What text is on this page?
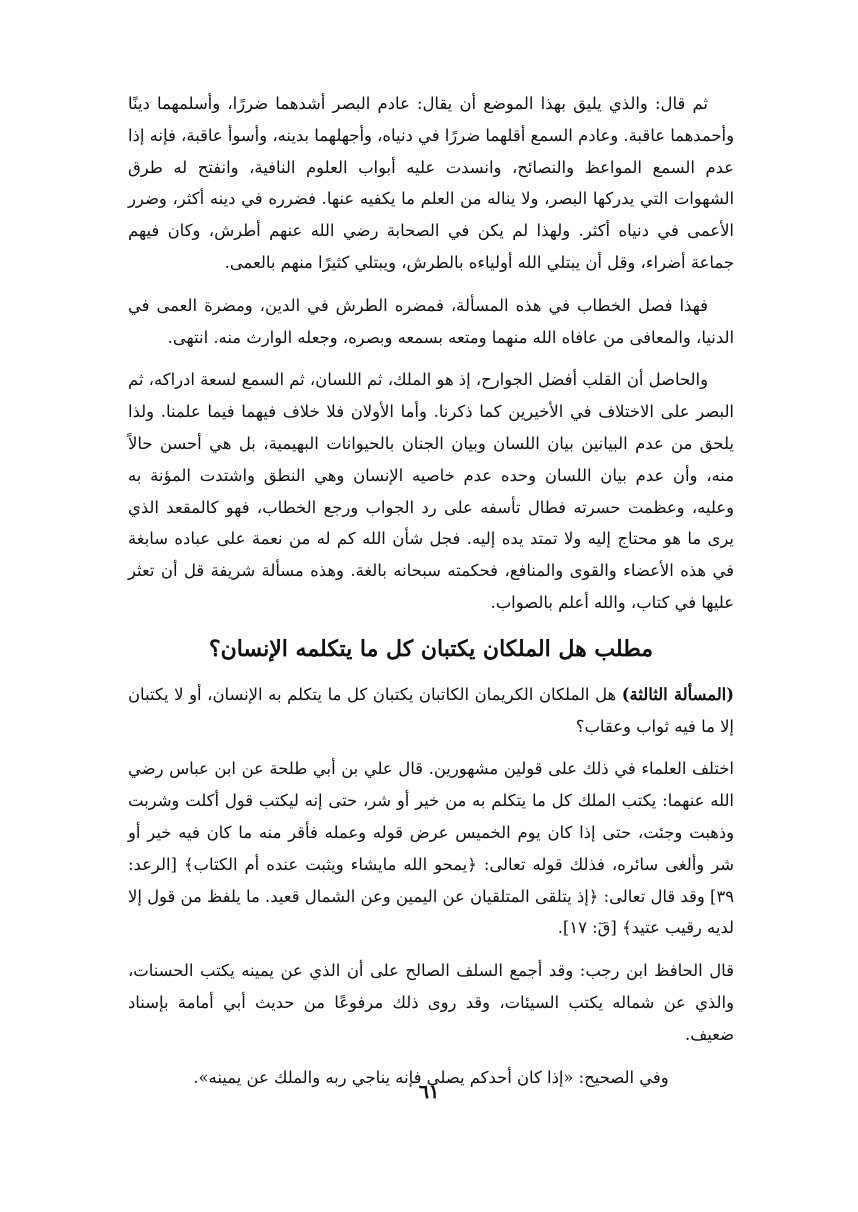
ثم قال: والذي يليق بهذا الموضع أن يقال: عادم البصر أشدهما ضررًا، وأسلمهما دينًا وأحمدهما عاقبة. وعادم السمع أقلهما ضررًا في دنياه، وأجهلهما بدينه، وأسوأ عاقبة، فإنه إذا عدم السمع المواعظ والنصائح، وانسدت عليه أبواب العلوم النافية، وانفتح له طرق الشهوات التي يدركها البصر، ولا يناله من العلم ما يكفيه عنها. فضرره في دينه أكثر، وضرر الأعمى في دنياه أكثر. ولهذا لم يكن في الصحابة رضي الله عنهم أطرش، وكان فيهم جماعة أضراء، وقل أن يبتلي الله أولياءه بالطرش، ويبتلي كثيرًا منهم بالعمى.

فهذا فصل الخطاب في هذه المسألة، فمضره الطرش في الدين، ومضرة العمى في الدنيا، والمعافى من عافاه الله منهما ومتعه بسمعه وبصره، وجعله الوارث منه. انتهى.

والحاصل أن القلب أفضل الجوارح، إذ هو الملك، ثم اللسان، ثم السمع لسعة ادراكه، ثم البصر على الاختلاف في الأخيرين كما ذكرنا. وأما الأولان فلا خلاف فيهما فيما علمنا. ولذا يلحق من عدم البيانين بيان اللسان وبيان الجنان بالحيوانات البهيمية، بل هي أحسن حالاً منه، وأن عدم بيان اللسان وحده عدم خاصيه الإنسان وهي النطق واشتدت المؤنة به وعليه، وعظمت حسرته فطال تأسفه على رد الجواب ورجع الخطاب، فهو كالمقعد الذي يرى ما هو محتاج إليه ولا تمتد يده إليه. فجل شأن الله كم له من نعمة على عباده سابغة في هذه الأعضاء والقوى والمنافع، فحكمته سبحانه بالغة. وهذه مسألة شريفة قل أن تعثر عليها في كتاب، والله أعلم بالصواب.

مطلب هل الملكان يكتبان كل ما يتكلمه الإنسان؟

(المسألة الثالثة) هل الملكان الكريمان الكاتبان يكتبان كل ما يتكلم به الإنسان، أو لا يكتبان إلا ما فيه ثواب وعقاب؟

اختلف العلماء في ذلك على قولين مشهورين. قال علي بن أبي طلحة عن ابن عباس رضي الله عنهما: يكتب الملك كل ما يتكلم به من خير أو شر، حتى إنه ليكتب قول أكلت وشربت وذهبت وجئت، حتى إذا كان يوم الخميس عرض قوله وعمله فأقر منه ما كان فيه خير أو شر وألغى سائره، فذلك قوله تعالى: ﴿يمحو الله مايشاء ويثبت عنده أم الكتاب﴾ [الرعد: ٣٩] وقد قال تعالى: ﴿إذ يتلقى المتلقيان عن اليمين وعن الشمال قعيد. ما يلفظ من قول إلا لديه رقيب عتيد﴾ [قٓ: ١٧].

قال الحافظ ابن رجب: وقد أجمع السلف الصالح على أن الذي عن يمينه يكتب الحسنات، والذي عن شماله يكتب السيئات، وقد روى ذلك مرفوعًا من حديث أبي أمامة بإسناد ضعيف.

وفي الصحيح: «إذا كان أحدكم يصلي فإنه يناجي ربه والملك عن يمينه».

٦١
